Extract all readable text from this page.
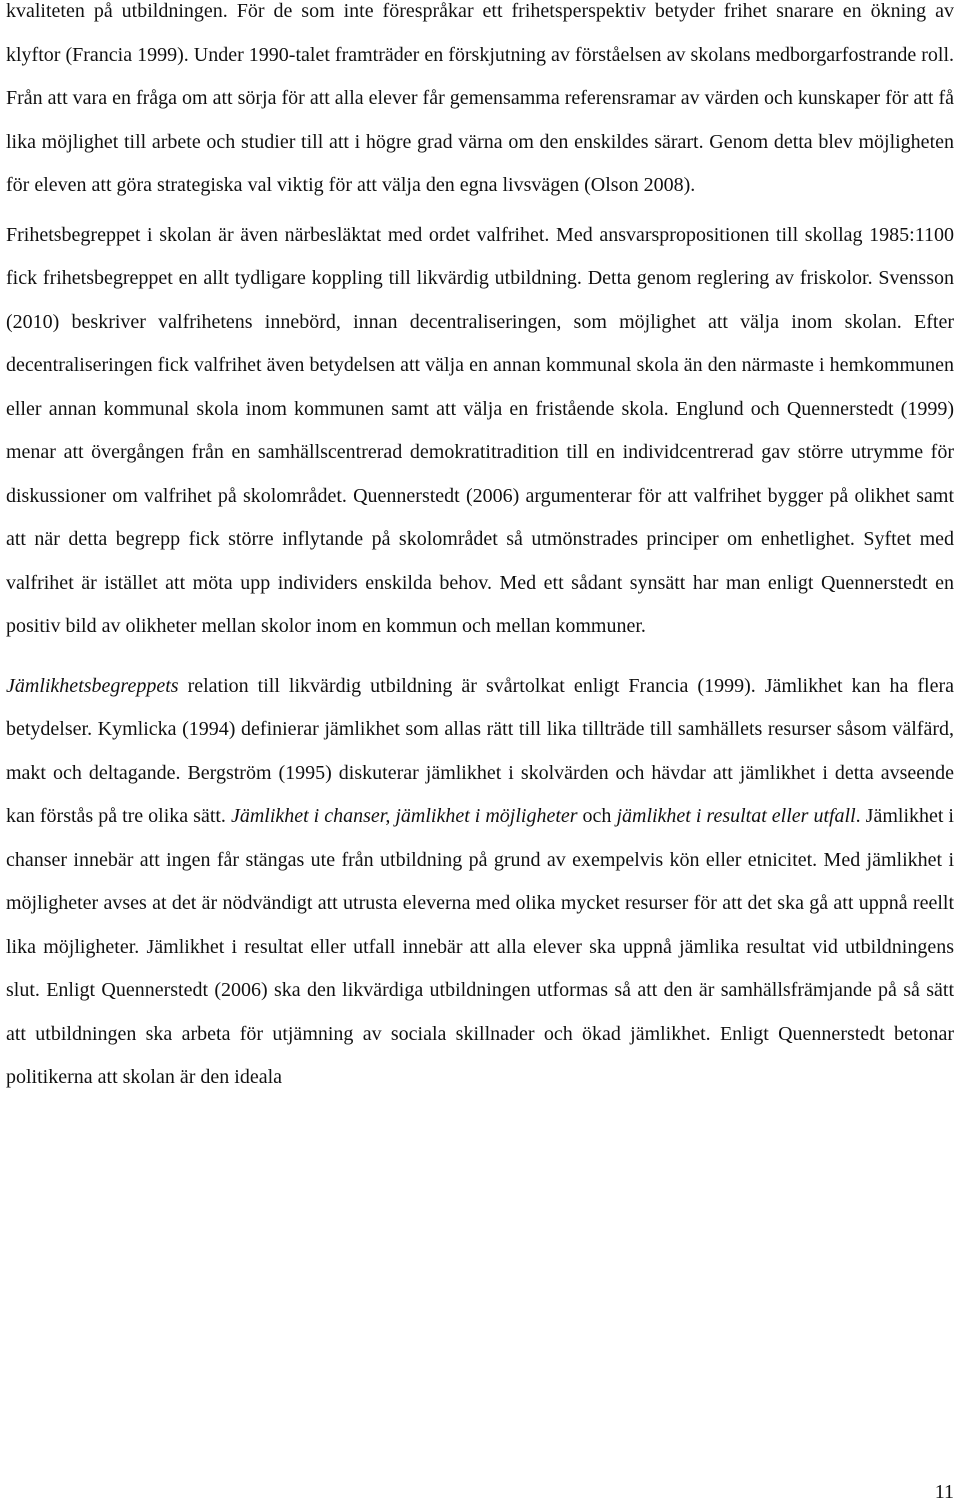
kvaliteten på utbildningen. För de som inte förespråkar ett frihetsperspektiv betyder frihet snarare en ökning av klyftor (Francia 1999). Under 1990-talet framträder en förskjutning av förståelsen av skolans medborgarfostrande roll. Från att vara en fråga om att sörja för att alla elever får gemensamma referensramar av värden och kunskaper för att få lika möjlighet till arbete och studier till att i högre grad värna om den enskildes särart. Genom detta blev möjligheten för eleven att göra strategiska val viktig för att välja den egna livsvägen (Olson 2008).

Frihetsbegreppet i skolan är även närbesläktat med ordet valfrihet. Med ansvarspropositionen till skollag 1985:1100 fick frihetsbegreppet en allt tydligare koppling till likvärdig utbildning. Detta genom reglering av friskolor. Svensson (2010) beskriver valfrihetens innebörd, innan decentraliseringen, som möjlighet att välja inom skolan. Efter decentraliseringen fick valfrihet även betydelsen att välja en annan kommunal skola än den närmaste i hemkommunen eller annan kommunal skola inom kommunen samt att välja en fristående skola. Englund och Quennerstedt (1999) menar att övergången från en samhällscentrerad demokratitradition till en individcentrerad gav större utrymme för diskussioner om valfrihet på skolområdet. Quennerstedt (2006) argumenterar för att valfrihet bygger på olikhet samt att när detta begrepp fick större inflytande på skolområdet så utmönstrades principer om enhetlighet. Syftet med valfrihet är istället att möta upp individers enskilda behov. Med ett sådant synsätt har man enligt Quennerstedt en positiv bild av olikheter mellan skolor inom en kommun och mellan kommuner.

Jämlikhetsbegreppets relation till likvärdig utbildning är svårtolkat enligt Francia (1999). Jämlikhet kan ha flera betydelser. Kymlicka (1994) definierar jämlikhet som allas rätt till lika tillträde till samhällets resurser såsom välfärd, makt och deltagande. Bergström (1995) diskuterar jämlikhet i skolvärden och hävdar att jämlikhet i detta avseende kan förstås på tre olika sätt. Jämlikhet i chanser, jämlikhet i möjligheter och jämlikhet i resultat eller utfall. Jämlikhet i chanser innebär att ingen får stängas ute från utbildning på grund av exempelvis kön eller etnicitet. Med jämlikhet i möjligheter avses at det är nödvändigt att utrusta eleverna med olika mycket resurser för att det ska gå att uppnå reellt lika möjligheter. Jämlikhet i resultat eller utfall innebär att alla elever ska uppnå jämlika resultat vid utbildningens slut. Enligt Quennerstedt (2006) ska den likvärdiga utbildningen utformas så att den är samhällsfrämjande på så sätt att utbildningen ska arbeta för utjämning av sociala skillnader och ökad jämlikhet. Enligt Quennerstedt betonar politikerna att skolan är den ideala

11
